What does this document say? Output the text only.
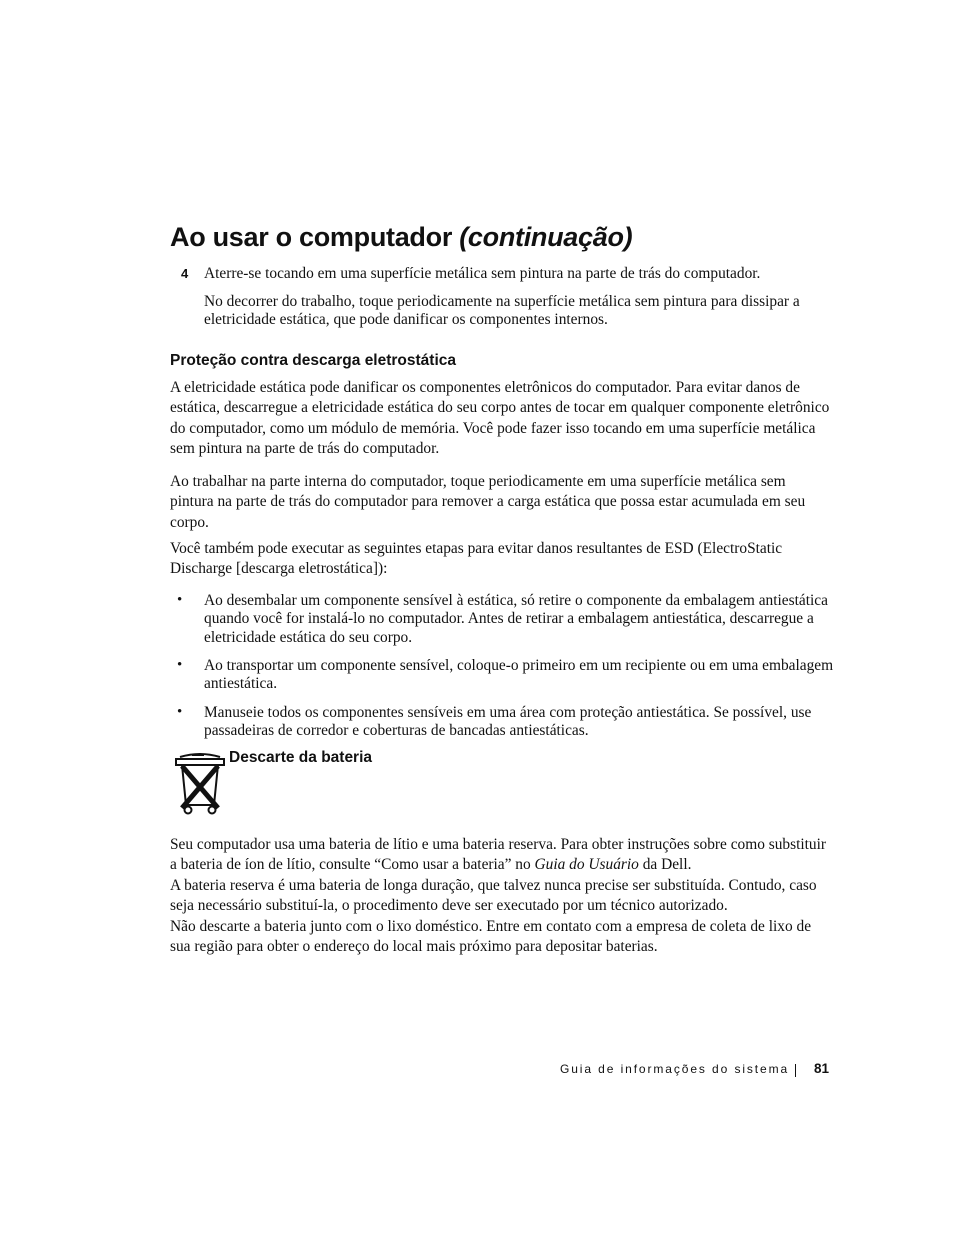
Ao usar o computador (continuação)
4 Aterre-se tocando em uma superfície metálica sem pintura na parte de trás do computador.
No decorrer do trabalho, toque periodicamente na superfície metálica sem pintura para dissipar a eletricidade estática, que pode danificar os componentes internos.
Proteção contra descarga eletrostática
A eletricidade estática pode danificar os componentes eletrônicos do computador. Para evitar danos de estática, descarregue a eletricidade estática do seu corpo antes de tocar em qualquer componente eletrônico do computador, como um módulo de memória. Você pode fazer isso tocando em uma superfície metálica sem pintura na parte de trás do computador.
Ao trabalhar na parte interna do computador, toque periodicamente em uma superfície metálica sem pintura na parte de trás do computador para remover a carga estática que possa estar acumulada em seu corpo.
Você também pode executar as seguintes etapas para evitar danos resultantes de ESD (ElectroStatic Discharge [descarga eletrostática]):
• Ao desembalar um componente sensível à estática, só retire o componente da embalagem antiestática quando você for instalá-lo no computador. Antes de retirar a embalagem antiestática, descarregue a eletricidade estática do seu corpo.
• Ao transportar um componente sensível, coloque-o primeiro em um recipiente ou em uma embalagem antiestática.
• Manuseie todos os componentes sensíveis em uma área com proteção antiestática. Se possível, use passadeiras de corredor e coberturas de bancadas antiestáticas.
Descarte da bateria
Seu computador usa uma bateria de lítio e uma bateria reserva. Para obter instruções sobre como substituir a bateria de íon de lítio, consulte “Como usar a bateria” no Guia do Usuário da Dell.
A bateria reserva é uma bateria de longa duração, que talvez nunca precise ser substituída. Contudo, caso seja necessário substituí-la, o procedimento deve ser executado por um técnico autorizado.
Não descarte a bateria junto com o lixo doméstico. Entre em contato com a empresa de coleta de lixo de sua região para obter o endereço do local mais próximo para depositar baterias.
Guia de informações do sistema 81
